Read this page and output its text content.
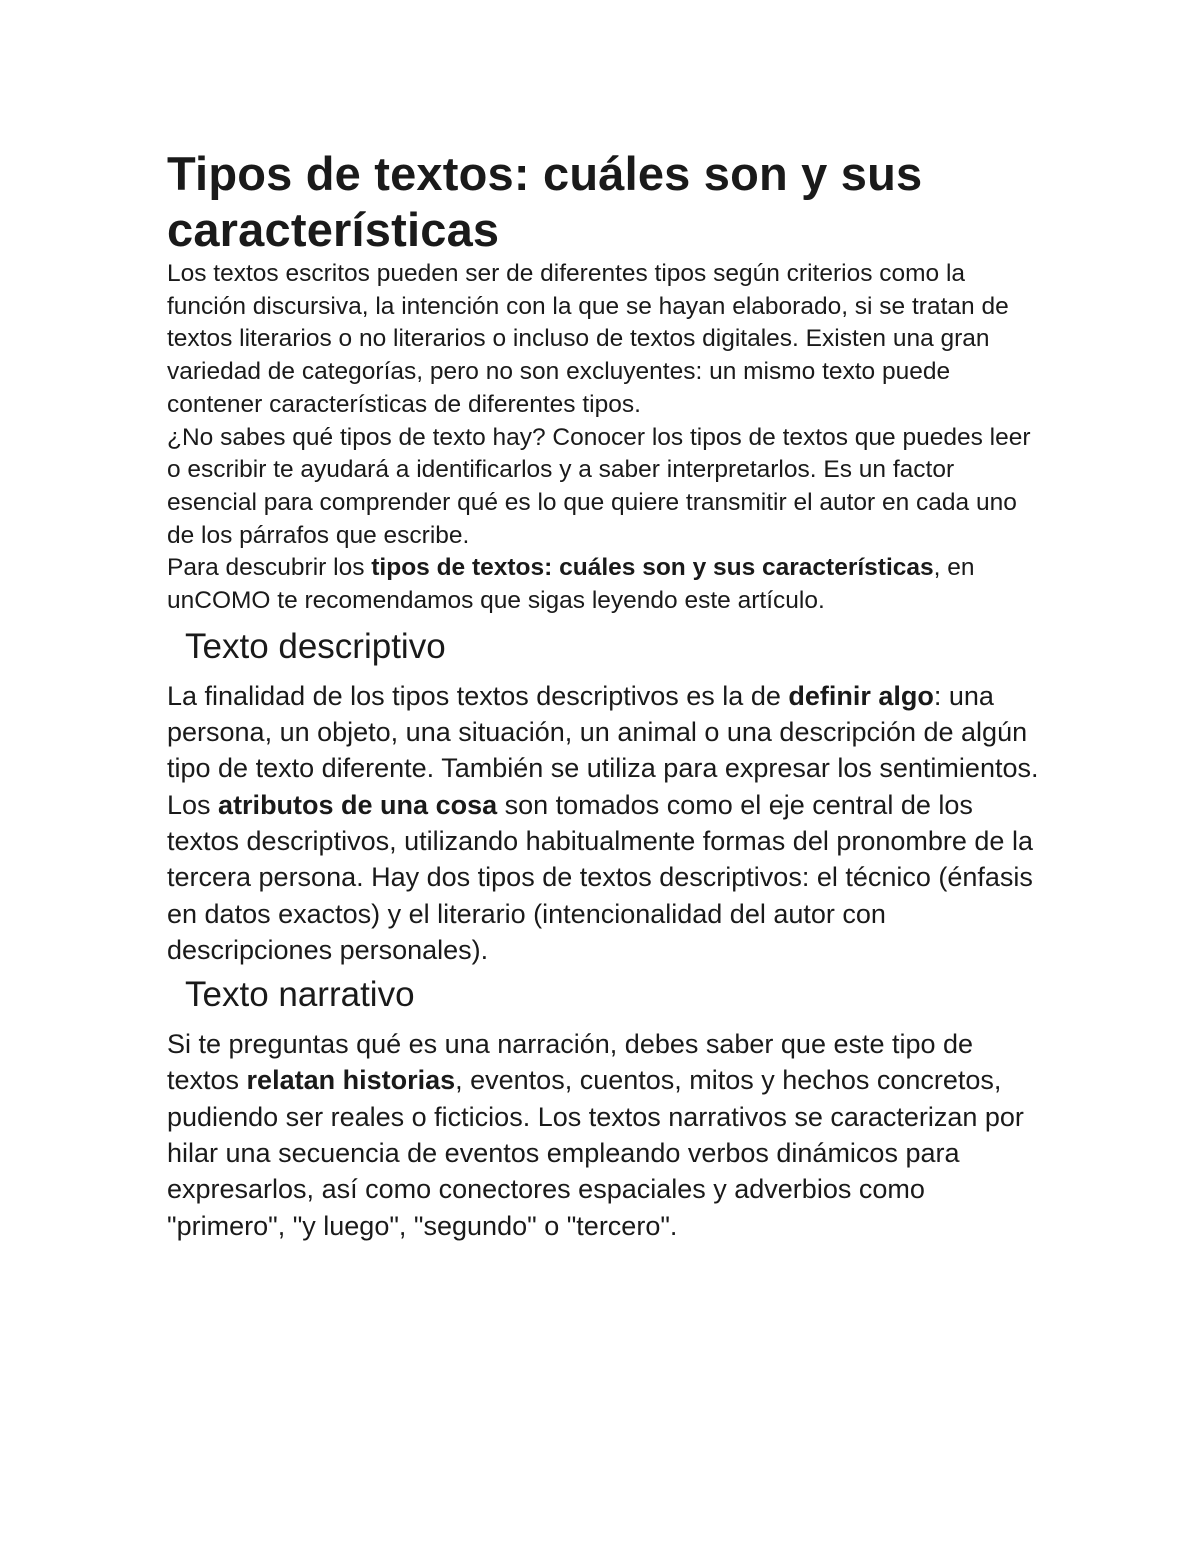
Tipos de textos: cuáles son y sus características

Los textos escritos pueden ser de diferentes tipos según criterios como la función discursiva, la intención con la que se hayan elaborado, si se tratan de textos literarios o no literarios o incluso de textos digitales. Existen una gran variedad de categorías, pero no son excluyentes: un mismo texto puede contener características de diferentes tipos.

¿No sabes qué tipos de texto hay? Conocer los tipos de textos que puedes leer o escribir te ayudará a identificarlos y a saber interpretarlos. Es un factor esencial para comprender qué es lo que quiere transmitir el autor en cada uno de los párrafos que escribe.

Para descubrir los tipos de textos: cuáles son y sus características, en unCOMO te recomendamos que sigas leyendo este artículo.

Texto descriptivo

La finalidad de los tipos textos descriptivos es la de definir algo: una persona, un objeto, una situación, un animal o una descripción de algún tipo de texto diferente. También se utiliza para expresar los sentimientos.

Los atributos de una cosa son tomados como el eje central de los textos descriptivos, utilizando habitualmente formas del pronombre de la tercera persona. Hay dos tipos de textos descriptivos: el técnico (énfasis en datos exactos) y el literario (intencionalidad del autor con descripciones personales).

Texto narrativo

Si te preguntas qué es una narración, debes saber que este tipo de textos relatan historias, eventos, cuentos, mitos y hechos concretos, pudiendo ser reales o ficticios. Los textos narrativos se caracterizan por hilar una secuencia de eventos empleando verbos dinámicos para expresarlos, así como conectores espaciales y adverbios como "primero", "y luego", "segundo" o "tercero".
